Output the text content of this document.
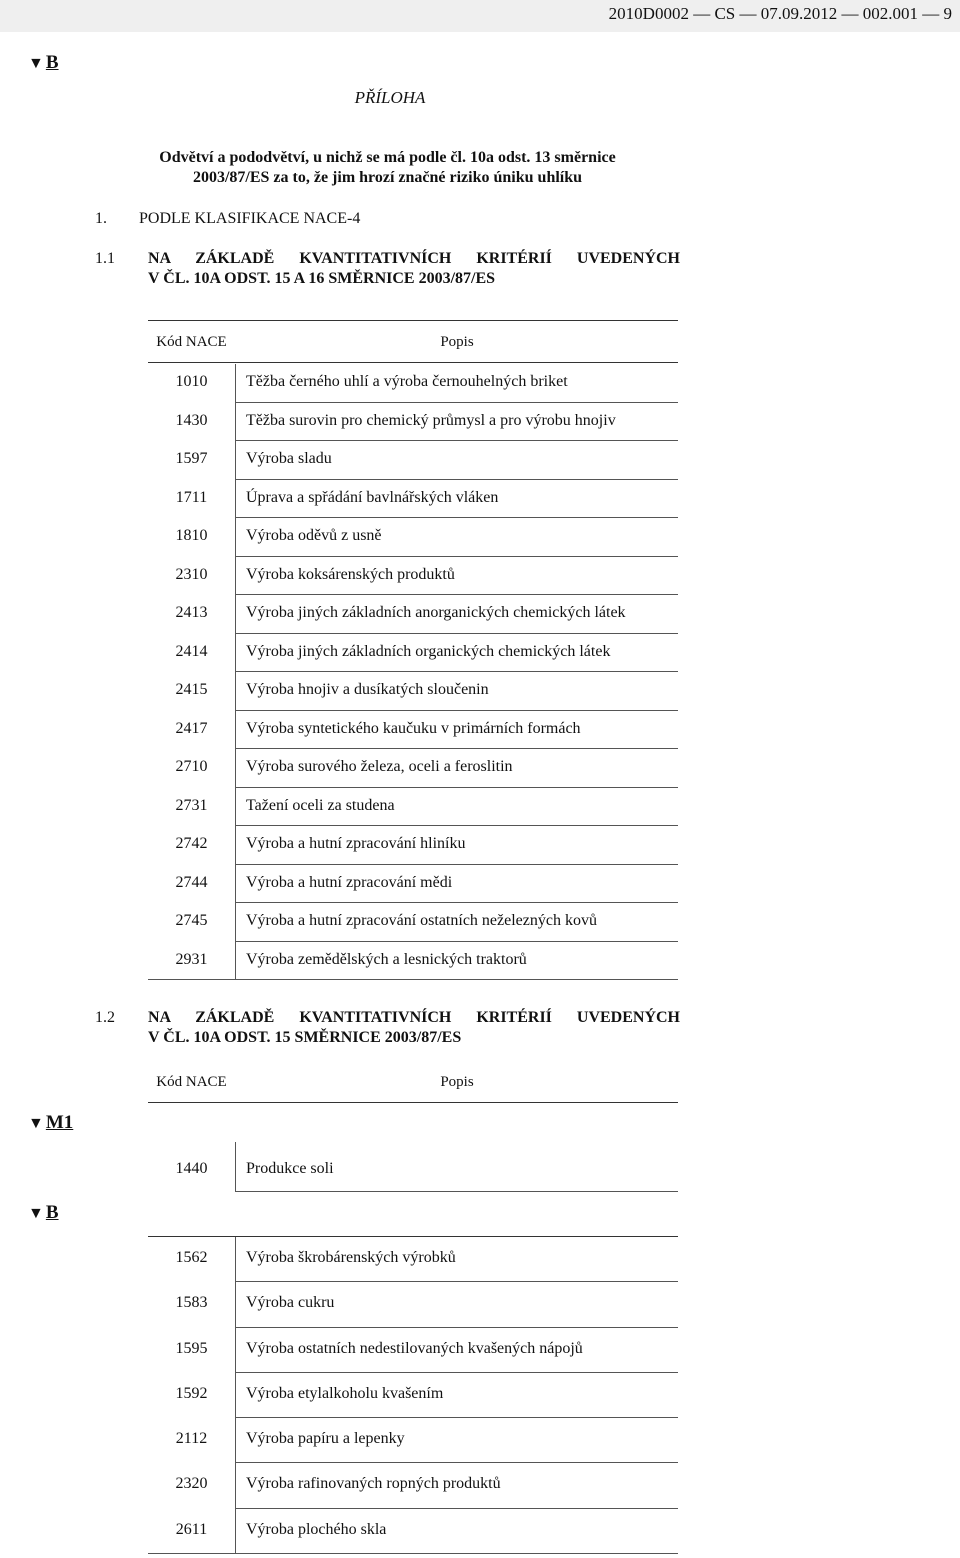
2010D0002 — CS — 07.09.2012 — 002.001 — 9
▼ B
PŘÍLOHA
Odvětví a pododvětví, u nichž se má podle čl. 10a odst. 13 směrnice
2003/87/ES za to, že jim hrozí značné riziko úniku uhlíku
1. PODLE KLASIFIKACE NACE-4
1.1 NA ZÁKLADĚ KVANTITATIVNÍCH KRITÉRIÍ UVEDENÝCH
V ČL. 10A ODST. 15 A 16 SMĚRNICE 2003/87/ES
Kód NACE	Popis
1010	Těžba černého uhlí a výroba černouhelných briket
1430	Těžba surovin pro chemický průmysl a pro výrobu hnojiv
1597	Výroba sladu
1711	Úprava a spřádání bavlnářských vláken
1810	Výroba oděvů z usně
2310	Výroba koksárenských produktů
2413	Výroba jiných základních anorganických chemických látek
2414	Výroba jiných základních organických chemických látek
2415	Výroba hnojiv a dusíkatých sloučenin
2417	Výroba syntetického kaučuku v primárních formách
2710	Výroba surového železa, oceli a feroslitin
2731	Tažení oceli za studena
2742	Výroba a hutní zpracování hliníku
2744	Výroba a hutní zpracování mědi
2745	Výroba a hutní zpracování ostatních neželezných kovů
2931	Výroba zemědělských a lesnických traktorů
1.2 NA ZÁKLADĚ KVANTITATIVNÍCH KRITÉRIÍ UVEDENÝCH
V ČL. 10A ODST. 15 SMĚRNICE 2003/87/ES
Kód NACE	Popis
▼ M1
1440	Produkce soli
▼ B
1562	Výroba škrobárenských výrobků
1583	Výroba cukru
1595	Výroba ostatních nedestilovaných kvašených nápojů
1592	Výroba etylalkoholu kvašením
2112	Výroba papíru a lepenky
2320	Výroba rafinovaných ropných produktů
2611	Výroba plochého skla
